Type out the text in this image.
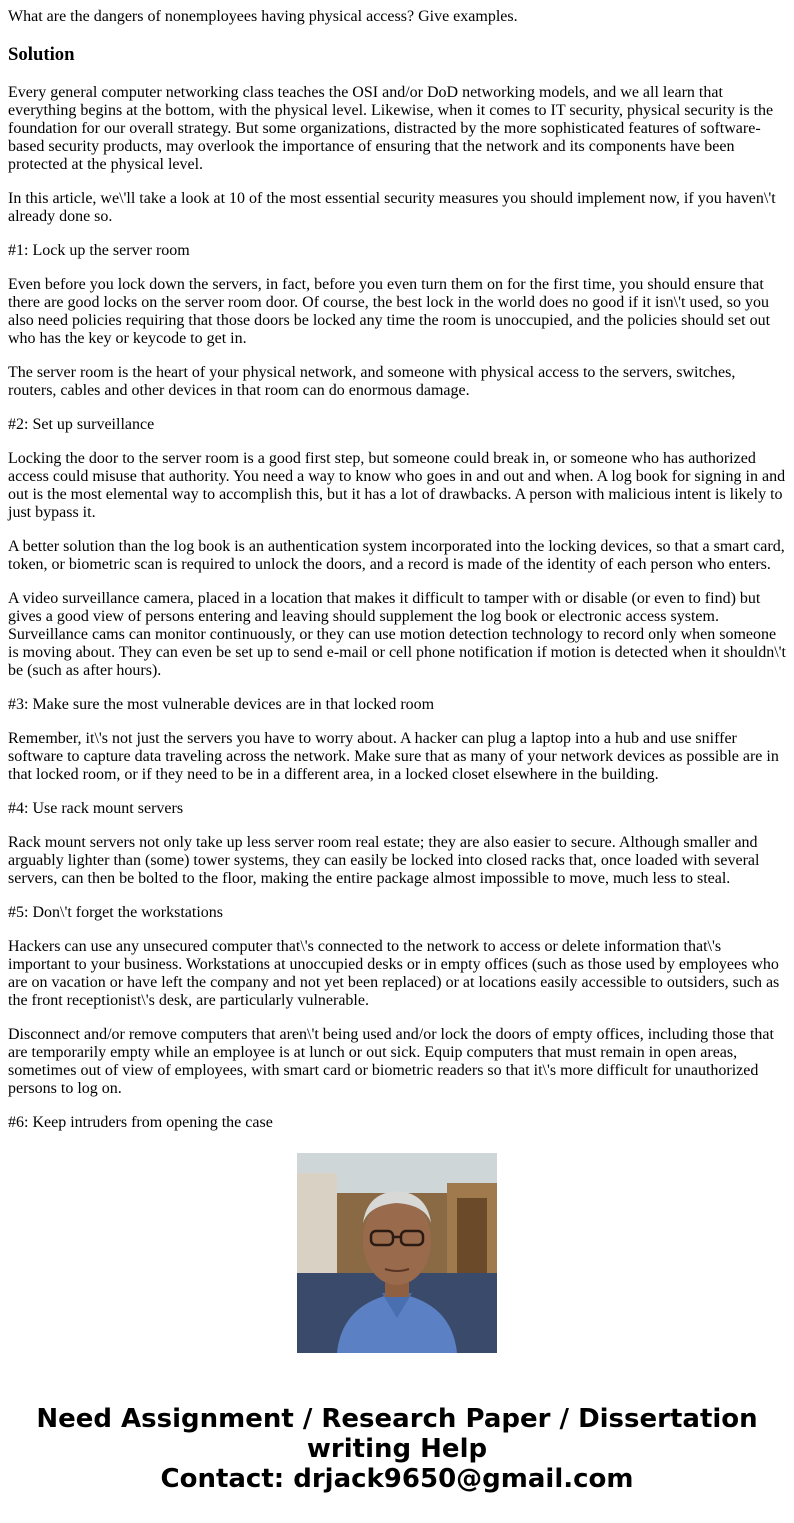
What are the dangers of nonemployees having physical access? Give examples.

Solution

Every general computer networking class teaches the OSI and/or DoD networking models, and we all learn that everything begins at the bottom, with the physical level. Likewise, when it comes to IT security, physical security is the foundation for our overall strategy. But some organizations, distracted by the more sophisticated features of software-based security products, may overlook the importance of ensuring that the network and its components have been protected at the physical level.

In this article, we\'ll take a look at 10 of the most essential security measures you should implement now, if you haven\'t already done so.

#1: Lock up the server room

Even before you lock down the servers, in fact, before you even turn them on for the first time, you should ensure that there are good locks on the server room door. Of course, the best lock in the world does no good if it isn\'t used, so you also need policies requiring that those doors be locked any time the room is unoccupied, and the policies should set out who has the key or keycode to get in.

The server room is the heart of your physical network, and someone with physical access to the servers, switches, routers, cables and other devices in that room can do enormous damage.

#2: Set up surveillance

Locking the door to the server room is a good first step, but someone could break in, or someone who has authorized access could misuse that authority. You need a way to know who goes in and out and when. A log book for signing in and out is the most elemental way to accomplish this, but it has a lot of drawbacks. A person with malicious intent is likely to just bypass it.

A better solution than the log book is an authentication system incorporated into the locking devices, so that a smart card, token, or biometric scan is required to unlock the doors, and a record is made of the identity of each person who enters.

A video surveillance camera, placed in a location that makes it difficult to tamper with or disable (or even to find) but gives a good view of persons entering and leaving should supplement the log book or electronic access system. Surveillance cams can monitor continuously, or they can use motion detection technology to record only when someone is moving about. They can even be set up to send e-mail or cell phone notification if motion is detected when it shouldn\'t be (such as after hours).

#3: Make sure the most vulnerable devices are in that locked room

Remember, it\'s not just the servers you have to worry about. A hacker can plug a laptop into a hub and use sniffer software to capture data traveling across the network. Make sure that as many of your network devices as possible are in that locked room, or if they need to be in a different area, in a locked closet elsewhere in the building.

#4: Use rack mount servers

Rack mount servers not only take up less server room real estate; they are also easier to secure. Although smaller and arguably lighter than (some) tower systems, they can easily be locked into closed racks that, once loaded with several servers, can then be bolted to the floor, making the entire package almost impossible to move, much less to steal.

#5: Don\'t forget the workstations

Hackers can use any unsecured computer that\'s connected to the network to access or delete information that\'s important to your business. Workstations at unoccupied desks or in empty offices (such as those used by employees who are on vacation or have left the company and not yet been replaced) or at locations easily accessible to outsiders, such as the front receptionist\'s desk, are particularly vulnerable.

Disconnect and/or remove computers that aren\'t being used and/or lock the doors of empty offices, including those that are temporarily empty while an employee is at lunch or out sick. Equip computers that must remain in open areas, sometimes out of view of employees, with smart card or biometric readers so that it\'s more difficult for unauthorized persons to log on.

#6: Keep intruders from opening the case

Need Assignment / Research Paper / Dissertation
writing Help
Contact: drjack9650@gmail.com
